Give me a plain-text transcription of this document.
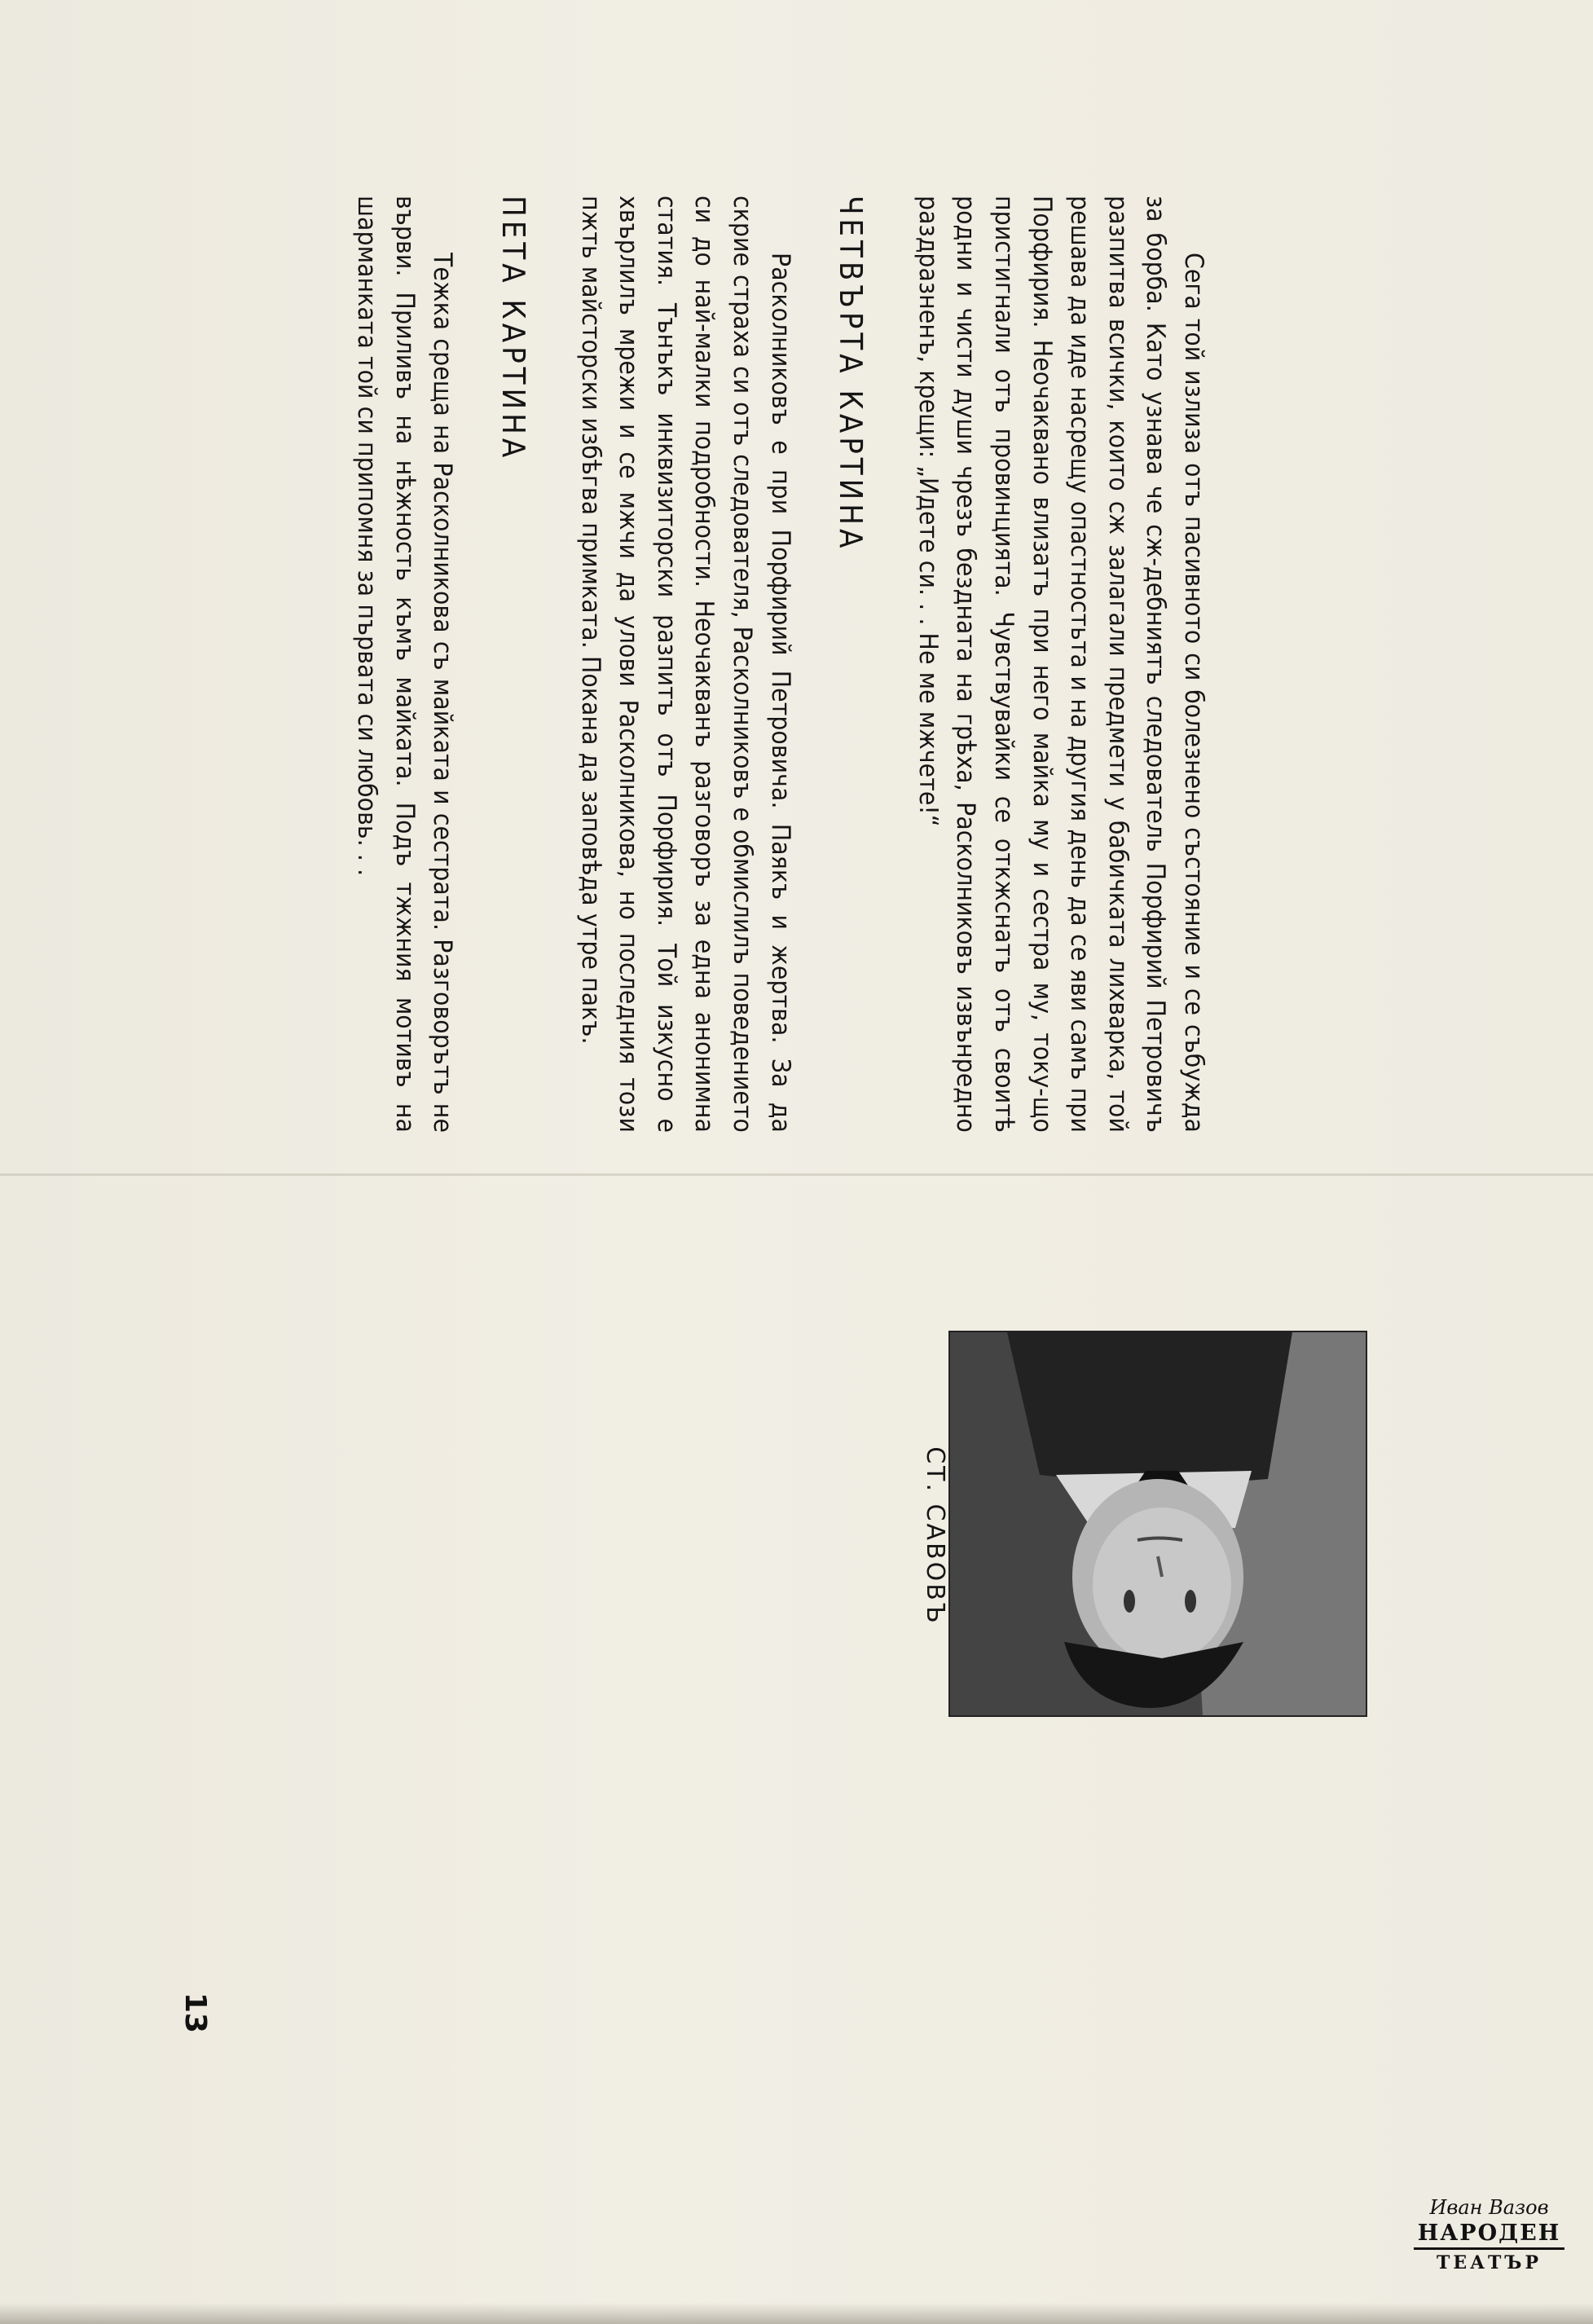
Сега той излиза отъ пасивното си болезнено състояние и се събужда за борба. Като узнава че сж-дебниятъ следователь Порфирий Петровичъ разпитва всички, които сж залагали предмети у бабичката лихварка, той решава да иде насрещу опастностьта и на другия день да се яви самъ при Порфирия. Неочаквано влизатъ при него майка му и сестра му, току-що пристигнали отъ провинцията. Чувствувайки се откжснатъ отъ своитѣ родни и чисти души чрезъ бездната на грѣха, Расколниковъ извънредно раздразненъ, крещи: „Идете си. . . Не ме мжчете!“

ЧЕТВЪРТА КАРТИНА

Расколниковъ е при Порфирий Петровича. Паякъ и жертва. За да скрие страха си отъ следователя, Расколниковъ е обмислилъ поведението си до най-малки подробности. Неочакванъ разговоръ за една анонимна статия. Тънъкъ инквизиторски разпитъ отъ Порфирия. Той изкусно е хвърлилъ мрежи и се мжчи да улови Расколникова, но последния този пжть майсторски избѣгва примката. Покана да заповѣда утре пакъ.

ПЕТА КАРТИНА

Тежка среща на Расколникова съ майката и сестрата. Разговорътъ не върви. Приливъ на нѣжность къмъ майката. Подъ тжжния мотивъ на шарманката той си припомня за първата си любовь. . .

СТ. САВОВЪ
13
Иван Вазов
НАРОДЕН
ТЕАТЪР
